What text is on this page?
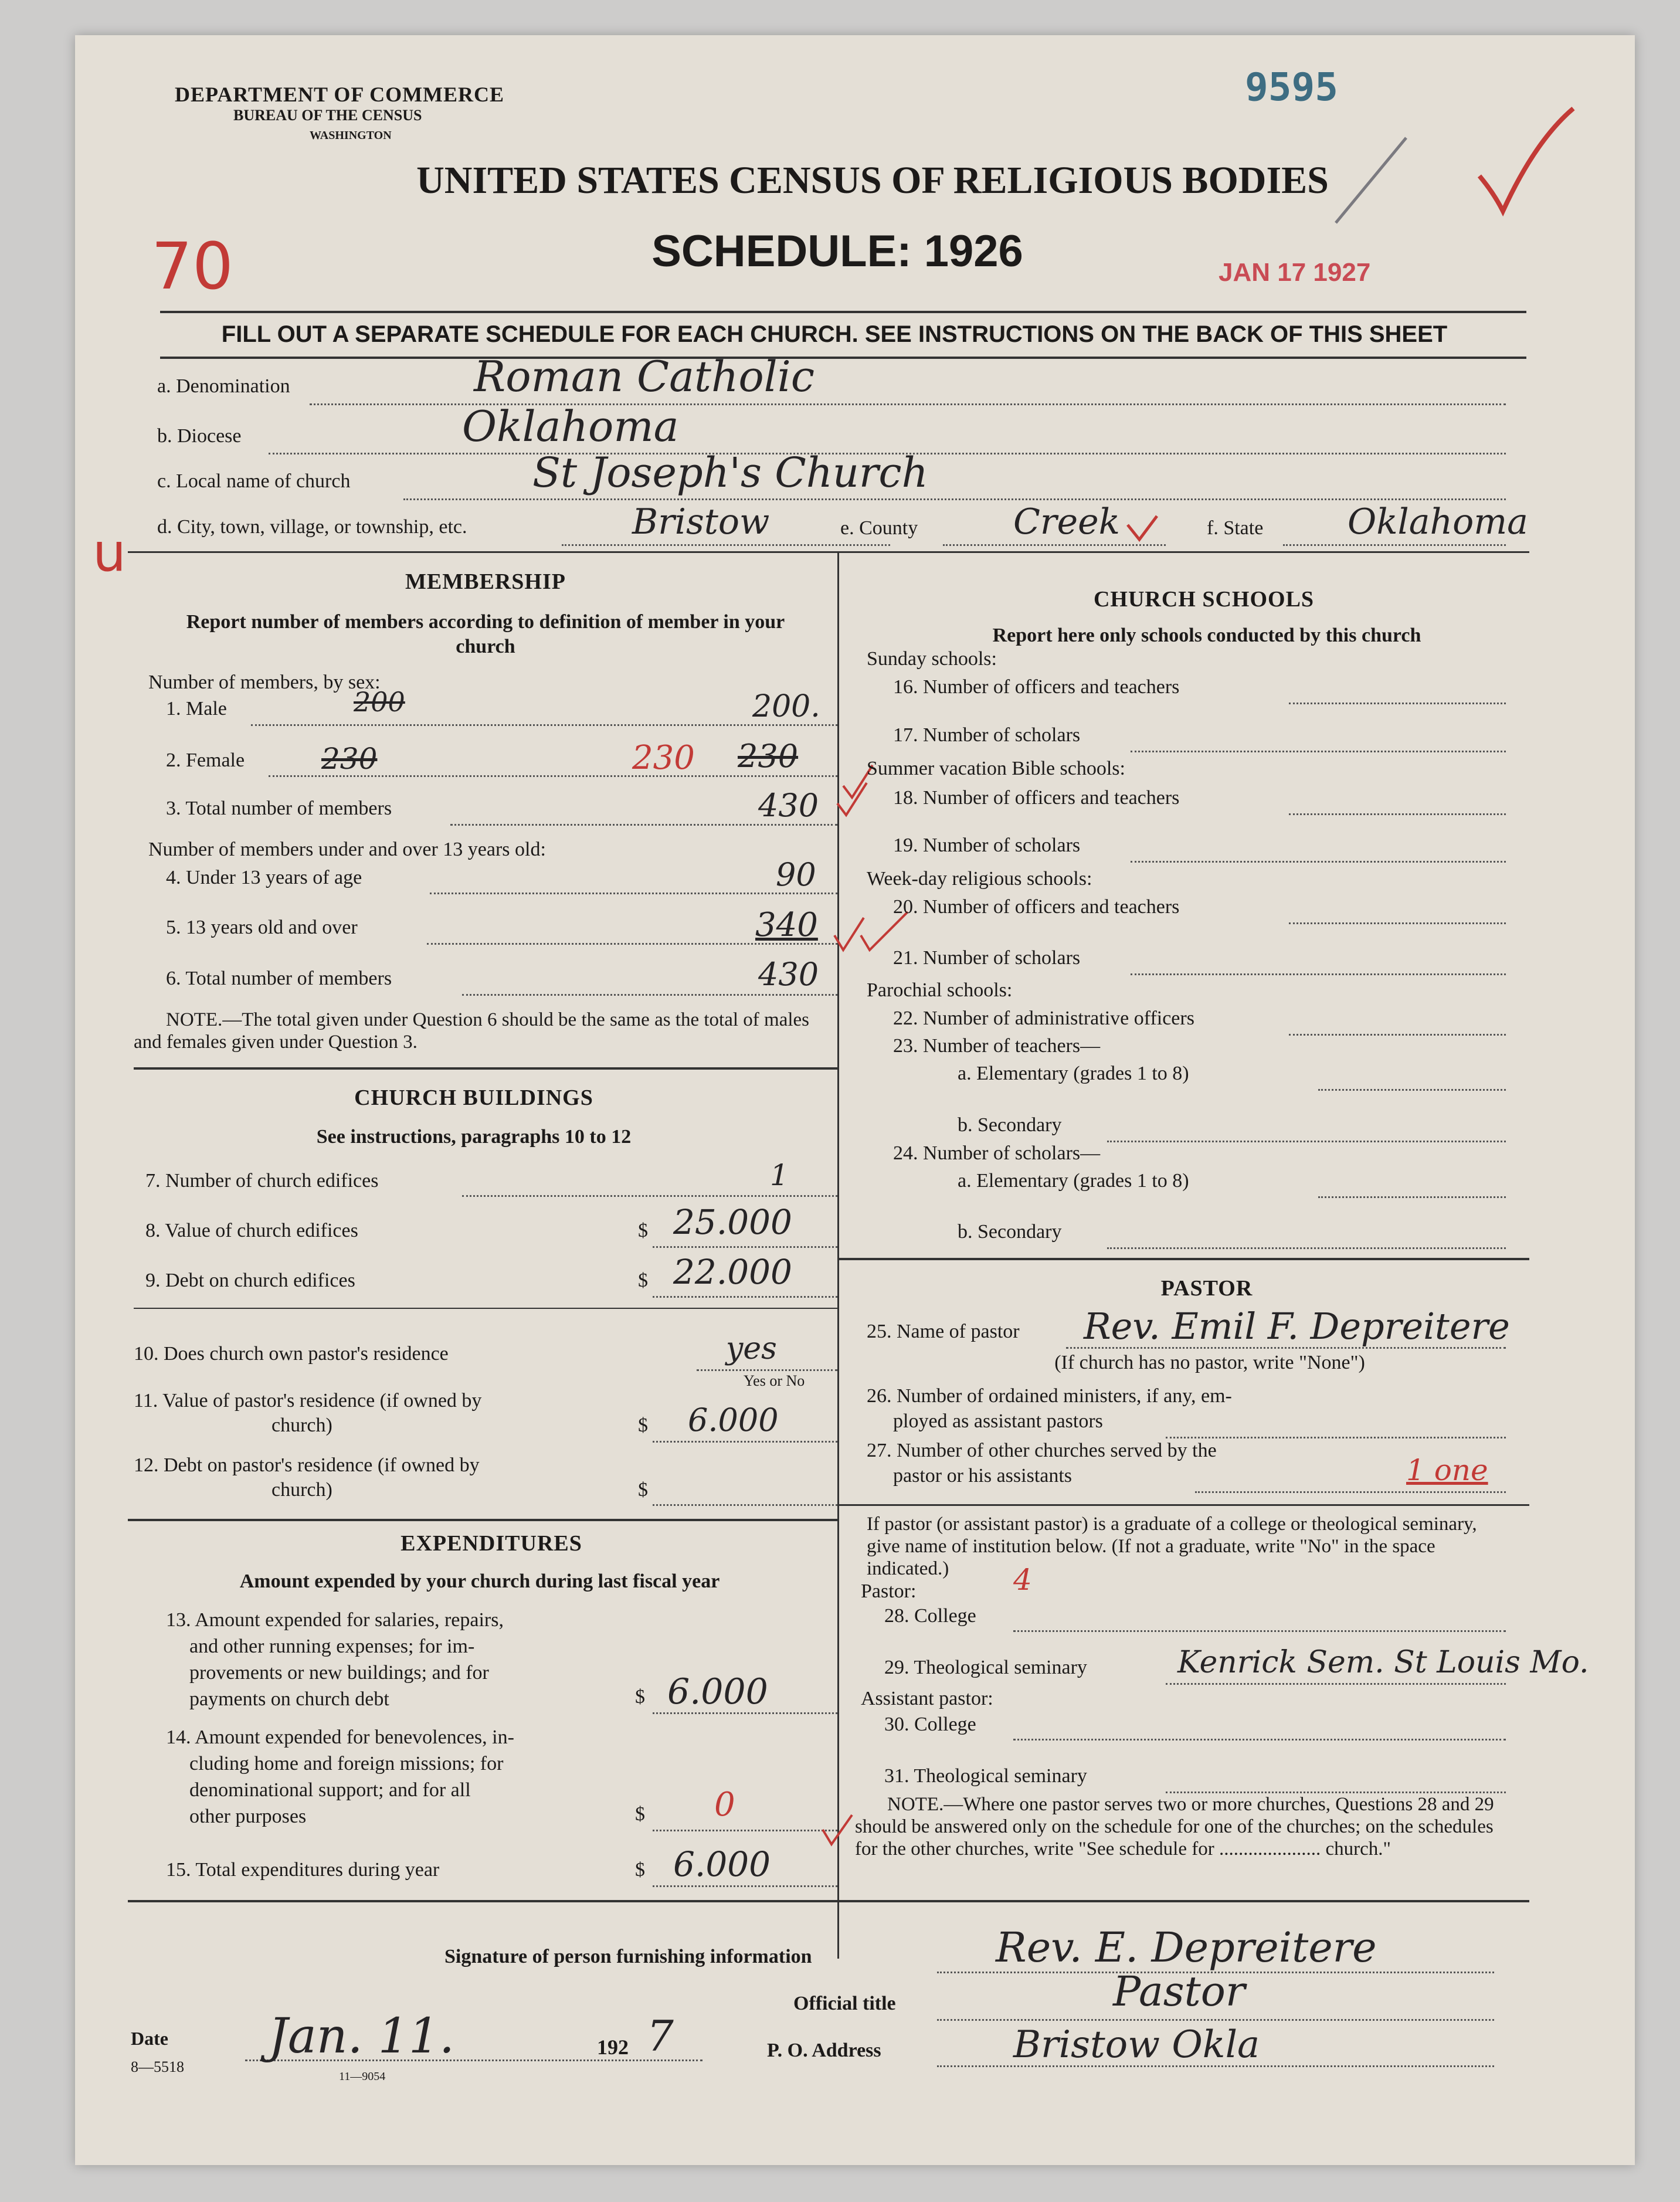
DEPARTMENT OF COMMERCE
BUREAU OF THE CENSUS
WASHINGTON
9595
UNITED STATES CENSUS OF RELIGIOUS BODIES
SCHEDULE: 1926	JAN 17 1927
70
FILL OUT A SEPARATE SCHEDULE FOR EACH CHURCH. SEE INSTRUCTIONS ON THE BACK OF THIS SHEET
a. Denomination	Roman Catholic
b. Diocese	Oklahoma
c. Local name of church	St Joseph's Church
u d. City, town, village, or township, etc.	Bristow	e. County	Creek	f. State Oklahoma
MEMBERSHIP
Report number of members according to definition of member in your church
Number of members, by sex:
200
1. Male	200.
2. Female	230	230 230
3. Total number of members	430
Number of members under and over 13 years old:
4. Under 13 years of age	90
5. 13 years old and over	340
6. Total number of members	430
NOTE.—The total given under Question 6 should be the same as the total of males and females given under Question 3.
CHURCH BUILDINGS
See instructions, paragraphs 10 to 12
7. Number of church edifices	1
8. Value of church edifices	$ 25.000
9. Debt on church edifices	$ 22.000
10. Does church own pastor's residence	yes
Yes or No
11. Value of pastor's residence (if owned by
church)	$ 6.000
12. Debt on pastor's residence (if owned by
church)	$
EXPENDITURES
Amount expended by your church during last fiscal year
13. Amount expended for salaries, repairs,
and other running expenses; for im-
provements or new buildings; and for
payments on church debt	$ 6.000
14. Amount expended for benevolences, in-
cluding home and foreign missions; for
denominational support; and for all
other purposes	$ 0
15. Total expenditures during year	$ 6.000
CHURCH SCHOOLS
Report here only schools conducted by this church
Sunday schools:
16. Number of officers and teachers
17. Number of scholars
Summer vacation Bible schools:
18. Number of officers and teachers
19. Number of scholars
Week-day religious schools:
20. Number of officers and teachers
21. Number of scholars
Parochial schools:
22. Number of administrative officers
23. Number of teachers—
a. Elementary (grades 1 to 8)
b. Secondary
24. Number of scholars—
a. Elementary (grades 1 to 8)
b. Secondary
PASTOR
25. Name of pastor Rev. Emil F. Depreitere
(If church has no pastor, write "None")
26. Number of ordained ministers, if any, em-
ployed as assistant pastors
27. Number of other churches served by the
pastor or his assistants	1 one
If pastor (or assistant pastor) is a graduate of a college or theological seminary, give name of institution below. (If not a graduate, write "No" in the space indicated.)
Pastor:	4
28. College
29. Theological seminary	Kenrick Sem. St Louis Mo.
Assistant pastor:
30. College
31. Theological seminary
NOTE.—Where one pastor serves two or more churches, Questions 28 and 29 should be answered only on the schedule for one of the churches; on the schedules for the other churches, write "See schedule for ..................... church."
Signature of person furnishing information	Rev. E. Depreitere
Official title	Pastor
Date Jan. 11.	192 7	P. O. Address	Bristow Okla
8—5518
11—9054
